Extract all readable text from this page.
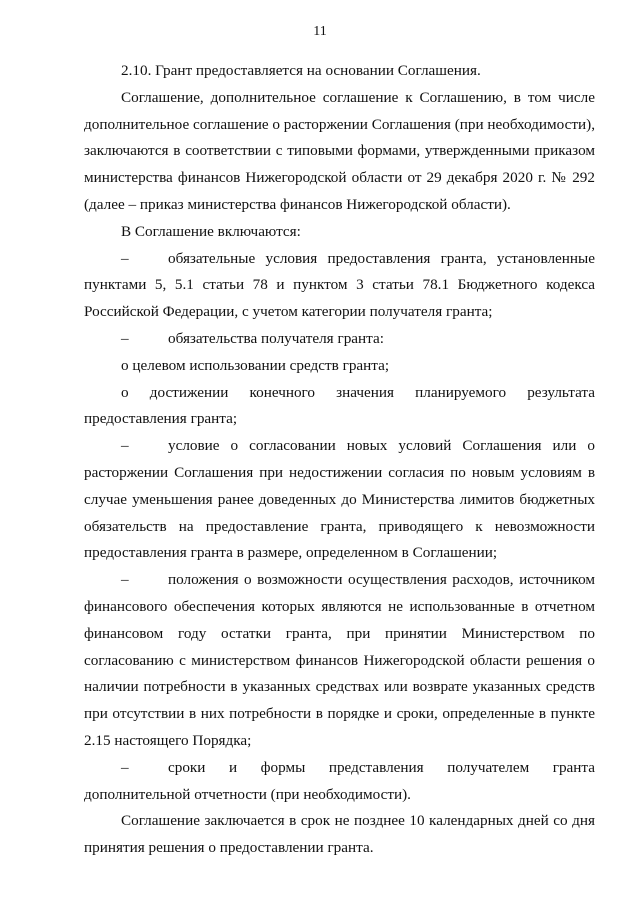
11

2.10. Грант предоставляется на основании Соглашения.

Соглашение, дополнительное соглашение к Соглашению, в том числе дополнительное соглашение о расторжении Соглашения (при необходимости), заключаются в соответствии с типовыми формами, утвержденными приказом министерства финансов Нижегородской области от 29 декабря 2020 г. № 292 (далее – приказ министерства финансов Нижегородской области).

В Соглашение включаются:

–	обязательные условия предоставления гранта, установленные

пунктами 5, 5.1 статьи 78 и пунктом 3 статьи 78.1 Бюджетного кодекса Российской Федерации, с учетом категории получателя гранта;

–	обязательства получателя гранта:

о целевом использовании средств гранта;

о достижении конечного значения планируемого результата

предоставления гранта;

–	условие о согласовании новых условий Соглашения или о

расторжении Соглашения при недостижении согласия по новым условиям в случае уменьшения ранее доведенных до Министерства лимитов бюджетных обязательств на предоставление гранта, приводящего к невозможности предоставления гранта в размере, определенном в Соглашении;

–	положения о возможности осуществления расходов, источником

финансового обеспечения которых являются не использованные в отчетном финансовом году остатки гранта, при принятии Министерством по согласованию с министерством финансов Нижегородской области решения о наличии потребности в указанных средствах или возврате указанных средств при отсутствии в них потребности в порядке и сроки, определенные в пункте 2.15 настоящего Порядка;

–	сроки и формы представления получателем гранта

дополнительной отчетности (при необходимости).

Соглашение заключается в срок не позднее 10 календарных дней со дня принятия решения о предоставлении гранта.
